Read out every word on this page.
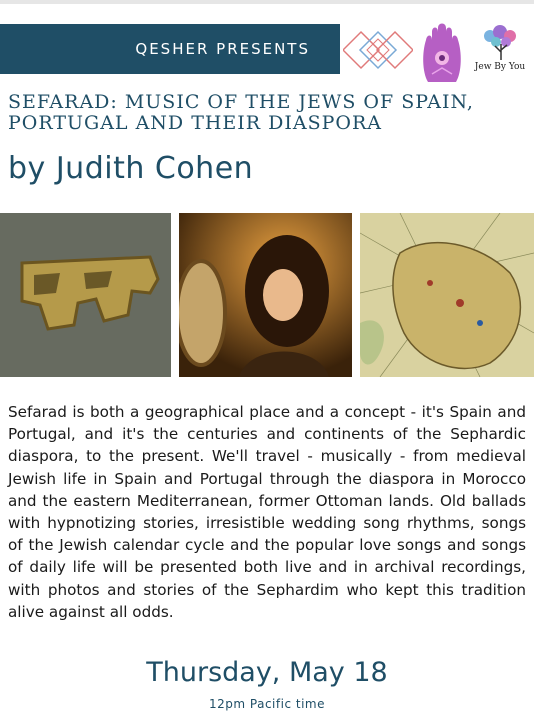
QESHER PRESENTS
Jew By You
SEFARAD: MUSIC OF THE JEWS OF SPAIN, PORTUGAL AND THEIR DIASPORA
by Judith Cohen
Sefarad is both a geographical place and a concept - it's Spain and Portugal, and it's the centuries and continents of the Sephardic diaspora, to the present. We'll travel - musically - from medieval Jewish life in Spain and Portugal through the diaspora in Morocco and the eastern Mediterranean, former Ottoman lands. Old ballads with hypnotizing stories, irresistible wedding song rhythms, songs of the Jewish calendar cycle and the popular love songs and songs of daily life will be presented both live and in archival recordings, with photos and stories of the Sephardim who kept this tradition alive against all odds.
Thursday, May 18
12pm Pacific time
